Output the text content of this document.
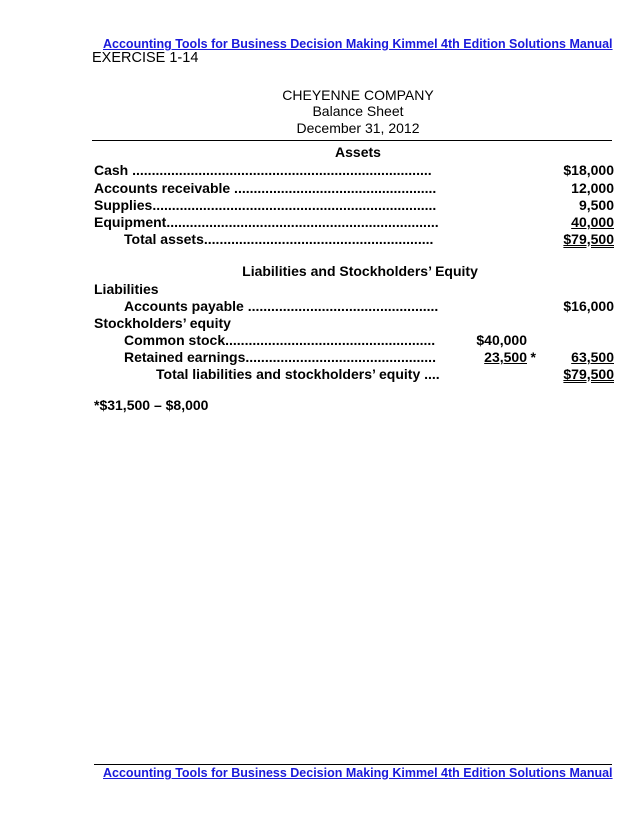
Accounting Tools for Business Decision Making Kimmel 4th Edition Solutions Manual
EXERCISE 1-14
CHEYENNE COMPANY
Balance Sheet
December 31, 2012
Assets
Cash .............................................................................	$18,000
Accounts receivable ....................................................	12,000
Supplies.........................................................................	9,500
Equipment......................................................................	40,000
Total assets...........................................................	$79,500
Liabilities and Stockholders’ Equity
Liabilities
Accounts payable .................................................	$16,000
Stockholders’ equity
Common stock......................................................	$40,000
Retained earnings.................................................	23,500 *	63,500
Total liabilities and stockholders’ equity ....	$79,500
*$31,500 – $8,000
Accounting Tools for Business Decision Making Kimmel 4th Edition Solutions Manual
